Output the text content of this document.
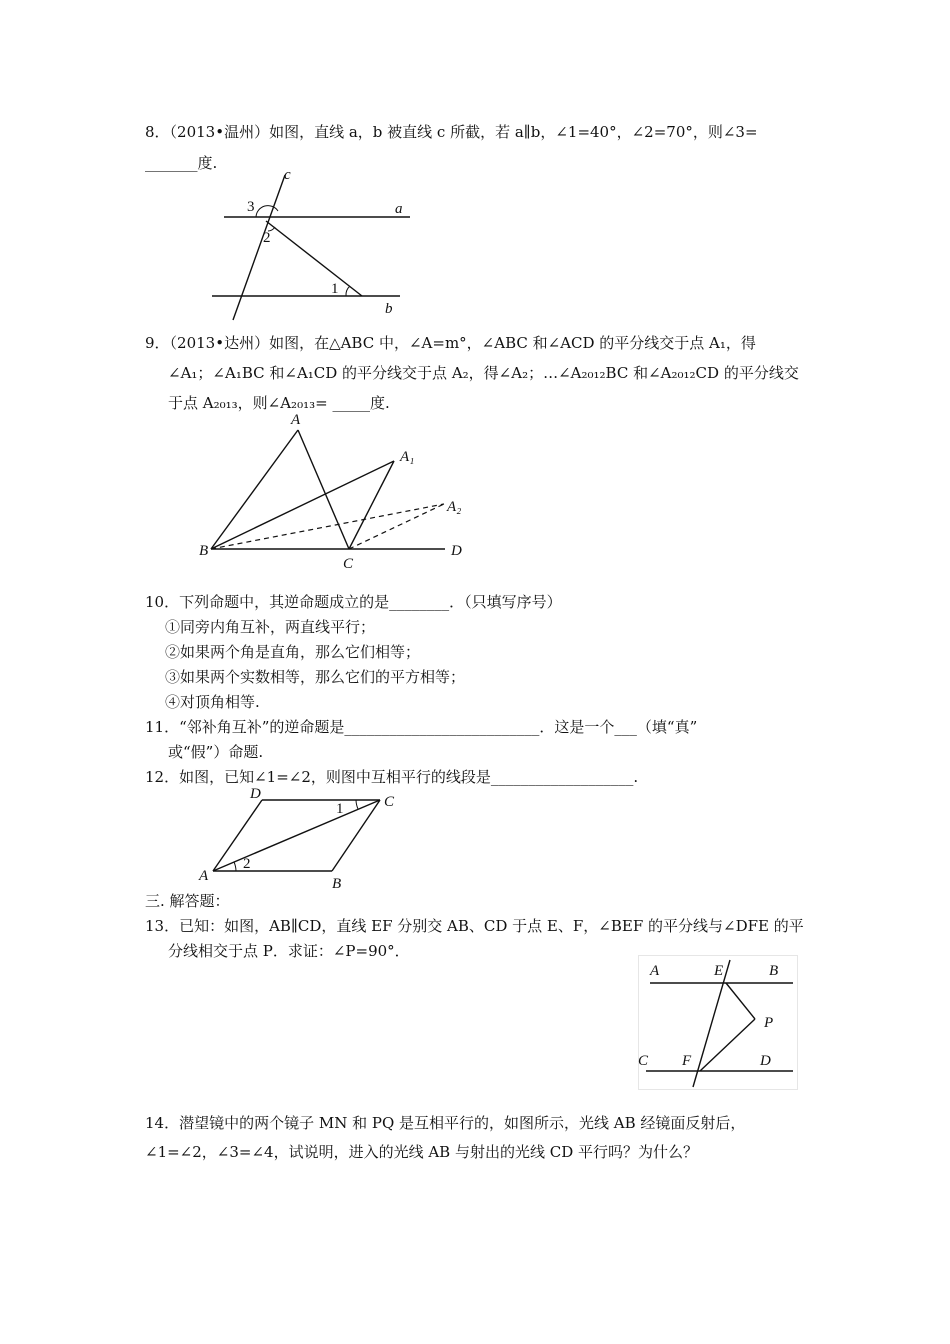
8．（2013•温州）如图，直线 a，b 被直线 c 所截，若 a∥b，∠1=40°，∠2=70°，则∠3=
_______度.
c
a
b
3
2
1
9．（2013•达州）如图，在△ABC 中，∠A=m°，∠ABC 和∠ACD 的平分线交于点 A₁，得
∠A₁；∠A₁BC 和∠A₁CD 的平分线交于点 A₂，得∠A₂；…∠A₂₀₁₂BC 和∠A₂₀₁₂CD 的平分线交
于点 A₂₀₁₃，则∠A₂₀₁₃= _____度.
A
A₁
A₂
B
C
D
10．下列命题中，其逆命题成立的是________．（只填写序号）
①同旁内角互补，两直线平行；
②如果两个角是直角，那么它们相等；
③如果两个实数相等，那么它们的平方相等；
④对顶角相等.
11．“邻补角互补”的逆命题是__________________________．这是一个___（填“真”
或“假”）命题.
12．如图，已知∠1=∠2，则图中互相平行的线段是___________________.
D	C
A	B
1
2
三. 解答题：
13．已知：如图，AB∥CD，直线 EF 分别交 AB、CD 于点 E、F，∠BEF 的平分线与∠DFE 的平
分线相交于点 P．求证：∠P=90°．
A	E	B
P
C F	D
14．潜望镜中的两个镜子 MN 和 PQ 是互相平行的，如图所示，光线 AB 经镜面反射后，
∠1=∠2，∠3=∠4，试说明，进入的光线 AB 与射出的光线 CD 平行吗？为什么？
